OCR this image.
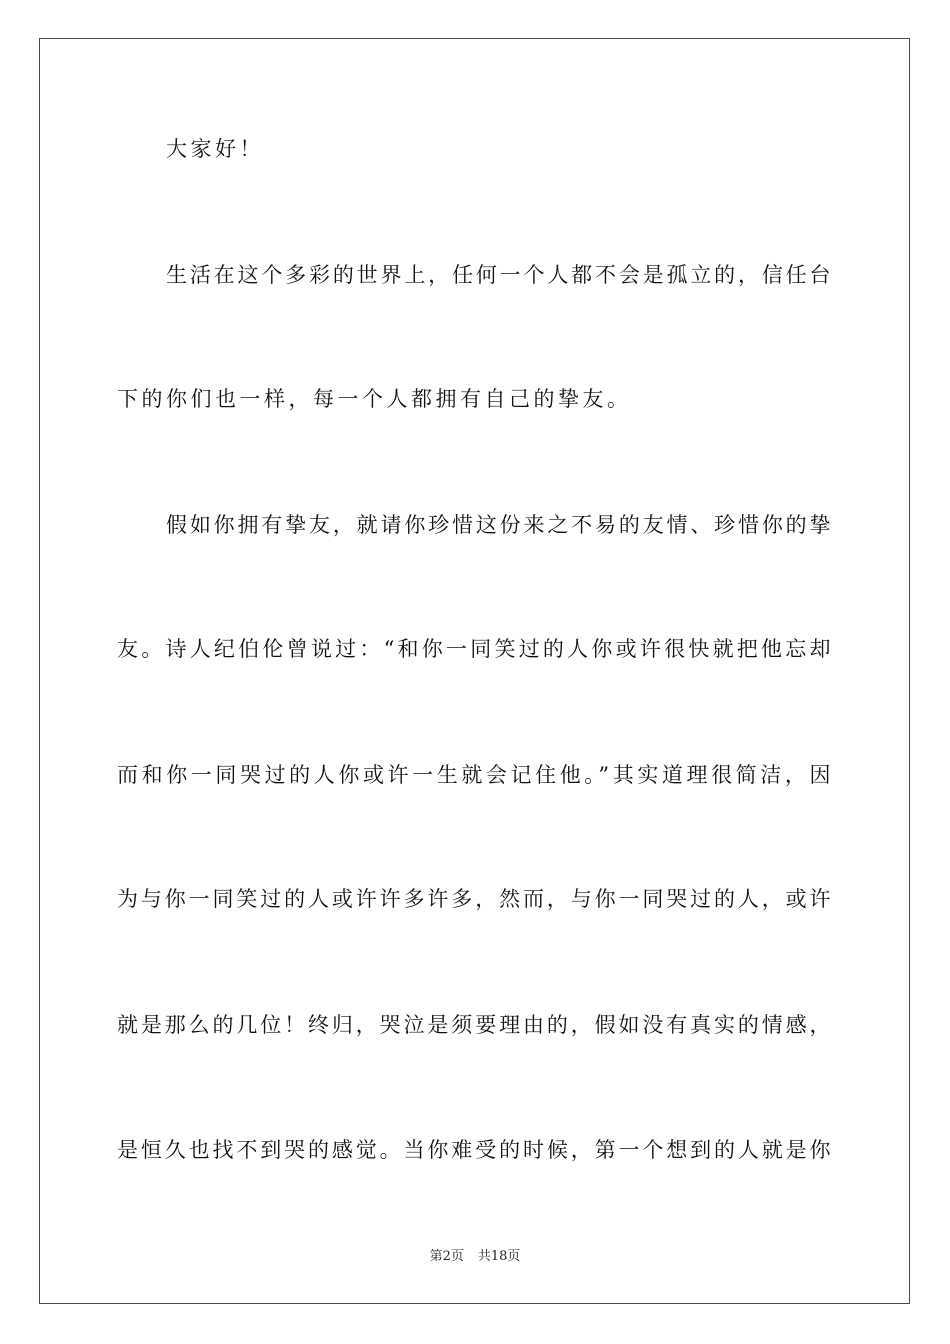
大家好！
生活在这个多彩的世界上，任何一个人都不会是孤立的，信任台
下的你们也一样，每一个人都拥有自己的挚友。
假如你拥有挚友，就请你珍惜这份来之不易的友情、珍惜你的挚
友。诗人纪伯伦曾说过：“和你一同笑过的人你或许很快就把他忘却
而和你一同哭过的人你或许一生就会记住他。”其实道理很简洁，因
为与你一同笑过的人或许许多许多，然而，与你一同哭过的人，或许
就是那么的几位！终归，哭泣是须要理由的，假如没有真实的情感，
是恒久也找不到哭的感觉。当你难受的时候，第一个想到的人就是你
第2页 共18页
